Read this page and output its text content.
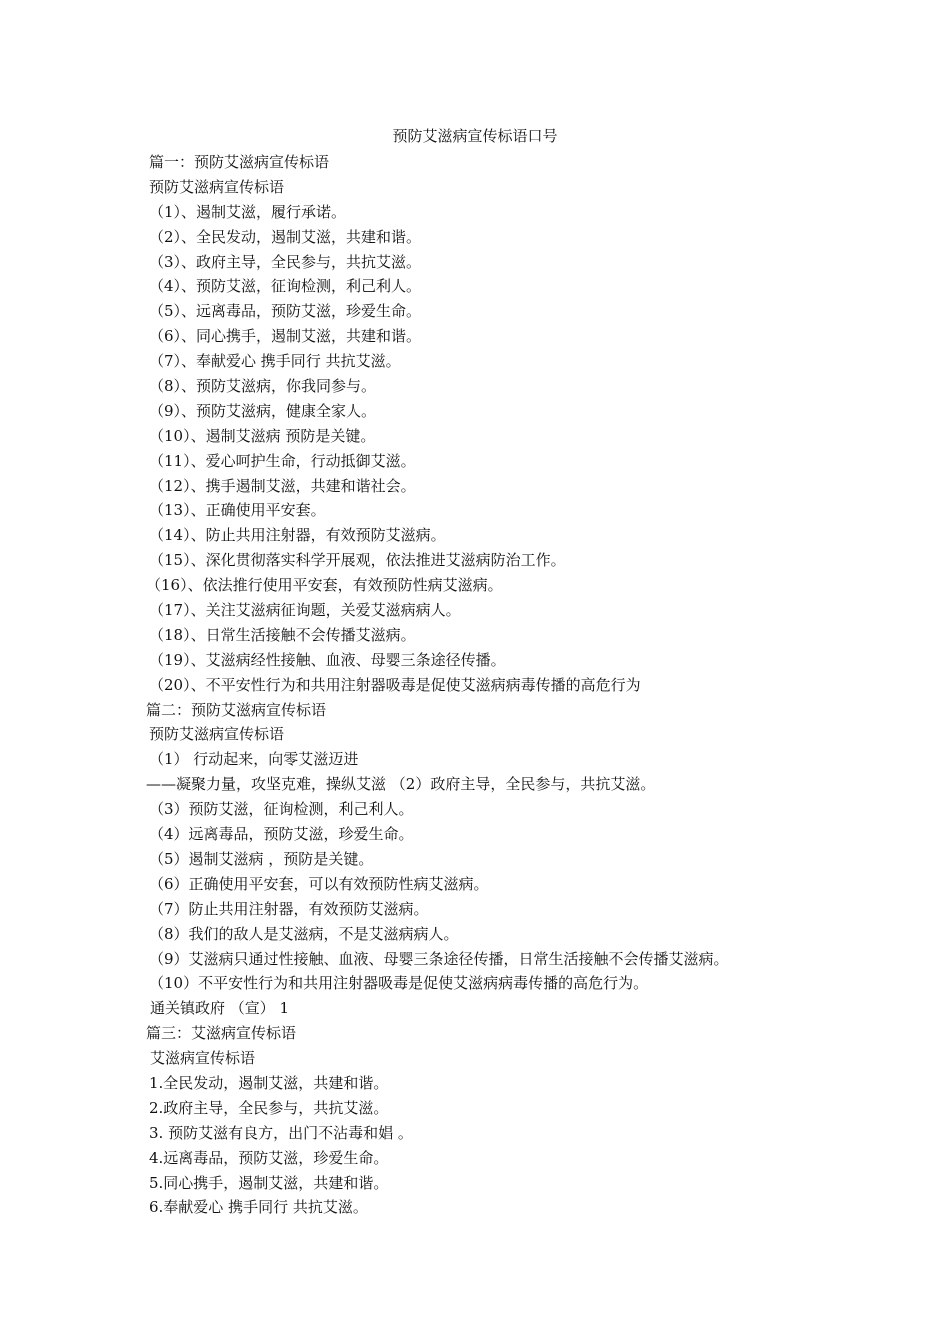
预防艾滋病宣传标语口号
篇一：预防艾滋病宣传标语
预防艾滋病宣传标语
（1）、遏制艾滋，履行承诺。
（2）、全民发动，遏制艾滋，共建和谐。
（3）、政府主导，全民参与，共抗艾滋。
（4）、预防艾滋，征询检测，利己利人。
（5）、远离毒品，预防艾滋，珍爱生命。
（6）、同心携手，遏制艾滋，共建和谐。
（7）、奉献爱心 携手同行 共抗艾滋。
（8）、预防艾滋病，你我同参与。
（9）、预防艾滋病，健康全家人。
（10）、遏制艾滋病 预防是关键。
（11）、爱心呵护生命，行动抵御艾滋。
（12）、携手遏制艾滋，共建和谐社会。
（13）、正确使用平安套。
（14）、防止共用注射器，有效预防艾滋病。
（15）、深化贯彻落实科学开展观，依法推进艾滋病防治工作。
（16）、依法推行使用平安套，有效预防性病艾滋病。
（17）、关注艾滋病征询题，关爱艾滋病病人。
（18）、日常生活接触不会传播艾滋病。
（19）、艾滋病经性接触、血液、母婴三条途径传播。
（20）、不平安性行为和共用注射器吸毒是促使艾滋病病毒传播的高危行为
篇二：预防艾滋病宣传标语
预防艾滋病宣传标语
（1） 行动起来，向零艾滋迈进
——凝聚力量，攻坚克难，操纵艾滋 （2）政府主导，全民参与，共抗艾滋。
（3）预防艾滋，征询检测，利己利人。
（4）远离毒品，预防艾滋，珍爱生命。
（5）遏制艾滋病 ，预防是关键。
（6）正确使用平安套，可以有效预防性病艾滋病。
（7）防止共用注射器，有效预防艾滋病。
（8）我们的敌人是艾滋病，不是艾滋病病人。
（9）艾滋病只通过性接触、血液、母婴三条途径传播，日常生活接触不会传播艾滋病。
（10）不平安性行为和共用注射器吸毒是促使艾滋病病毒传播的高危行为。
通关镇政府 （宣） 1
篇三：艾滋病宣传标语
艾滋病宣传标语
1.全民发动，遏制艾滋，共建和谐。
2.政府主导，全民参与，共抗艾滋。
3. 预防艾滋有良方，出门不沾毒和娼 。
4.远离毒品，预防艾滋，珍爱生命。
5.同心携手，遏制艾滋，共建和谐。
6.奉献爱心 携手同行 共抗艾滋。
